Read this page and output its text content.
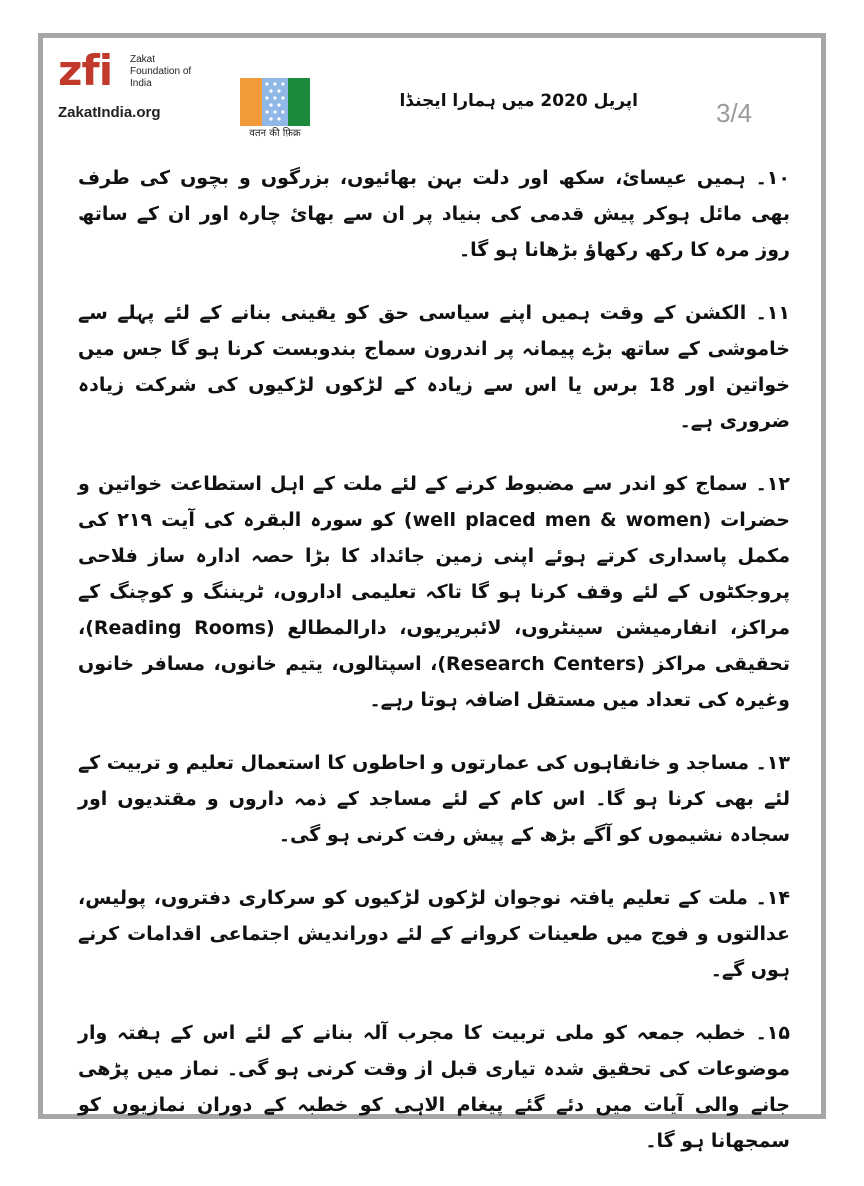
zfi Zakat Foundation of India
ZakatIndia.org
वतन की फ़िक्र
اپریل 2020 میں ہمارا ایجنڈا	3/4

۱۰۔ ہمیں عیسائ، سکھ اور دلت بہن بھائیوں، بزرگوں و بچوں کی طرف بھی مائل ہوکر پیش قدمی کی بنیاد پر ان سے بھائ چارہ اور ان کے ساتھ روز مرہ کا رکھ رکھاؤ بڑھانا ہو گا۔

۱۱۔ الکشن کے وقت ہمیں اپنے سیاسی حق کو یقینی بنانے کے لئے پہلے سے خاموشی کے ساتھ بڑے پیمانہ پر اندرون سماج بندوبست کرنا ہو گا جس میں خواتین اور 18 برس یا اس سے زیادہ کے لڑکوں لڑکیوں کی شرکت زیادہ ضروری ہے۔

۱۲۔ سماج کو اندر سے مضبوط کرنے کے لئے ملت کے اہل استطاعت خواتین و حضرات (well placed men & women) کو سورہ البقرہ کی آیت ۲۱۹ کی مکمل پاسداری کرتے ہوئے اپنی زمین جائداد کا بڑا حصہ ادارہ ساز فلاحی پروجکٹوں کے لئے وقف کرنا ہو گا تاکہ تعلیمی اداروں، ٹریننگ و کوچنگ کے مراکز، انفارمیشن سینٹروں، لائبریریوں، دارالمطالع (Reading Rooms)، تحقیقی مراکز (Research Centers)، اسپتالوں، یتیم خانوں، مسافر خانوں وغیرہ کی تعداد میں مستقل اضافہ ہوتا رہے۔

۱۳۔ مساجد و خانقاہوں کی عمارتوں و احاطوں کا استعمال تعلیم و تربیت کے لئے بھی کرنا ہو گا۔ اس کام کے لئے مساجد کے ذمہ داروں و مقتدیوں اور سجادہ نشیموں کو آگے بڑھ کے پیش رفت کرنی ہو گی۔

۱۴۔ ملت کے تعلیم یافتہ نوجوان لڑکوں لڑکیوں کو سرکاری دفتروں، پولیس، عدالتوں و فوج میں طعینات کروانے کے لئے دوراندیش اجتماعی اقدامات کرنے ہوں گے۔

۱۵۔ خطبہ جمعہ کو ملی تربیت کا مجرب آلہ بنانے کے لئے اس کے ہفتہ وار موضوعات کی تحقیق شدہ تیاری قبل از وقت کرنی ہو گی۔ نماز میں پڑھی جانے والی آیات میں دئے گئے پیغام الاہی کو خطبہ کے دوران نمازیوں کو سمجھانا ہو گا۔
